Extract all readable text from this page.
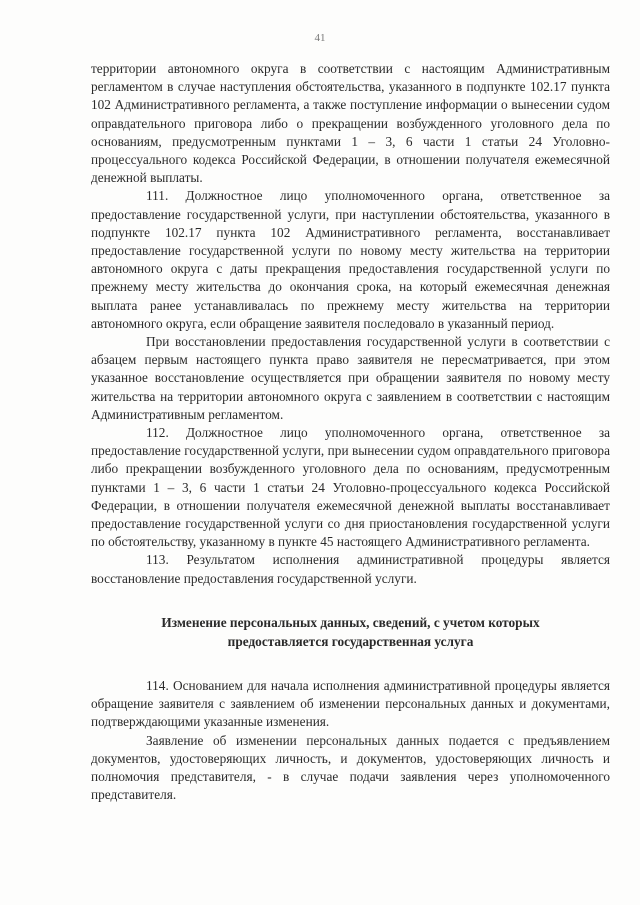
41

территории автономного округа в соответствии с настоящим Административным регламентом в случае наступления обстоятельства, указанного в подпункте 102.17 пункта 102 Административного регламента, а также поступление информации о вынесении судом оправдательного приговора либо о прекращении возбужденного уголовного дела по основаниям, предусмотренным пунктами 1 – 3, 6 части 1 статьи 24 Уголовно-процессуального кодекса Российской Федерации, в отношении получателя ежемесячной денежной выплаты.

111. Должностное лицо уполномоченного органа, ответственное за предоставление государственной услуги, при наступлении обстоятельства, указанного в подпункте 102.17 пункта 102 Административного регламента, восстанавливает предоставление государственной услуги по новому месту жительства на территории автономного округа с даты прекращения предоставления государственной услуги по прежнему месту жительства до окончания срока, на который ежемесячная денежная выплата ранее устанавливалась по прежнему месту жительства на территории автономного округа, если обращение заявителя последовало в указанный период.

При восстановлении предоставления государственной услуги в соответствии с абзацем первым настоящего пункта право заявителя не пересматривается, при этом указанное восстановление осуществляется при обращении заявителя по новому месту жительства на территории автономного округа с заявлением в соответствии с настоящим Административным регламентом.

112. Должностное лицо уполномоченного органа, ответственное за предоставление государственной услуги, при вынесении судом оправдательного приговора либо прекращении возбужденного уголовного дела по основаниям, предусмотренным пунктами 1 – 3, 6 части 1 статьи 24 Уголовно-процессуального кодекса Российской Федерации, в отношении получателя ежемесячной денежной выплаты восстанавливает предоставление государственной услуги со дня приостановления государственной услуги по обстоятельству, указанному в пункте 45 настоящего Административного регламента.

113. Результатом исполнения административной процедуры является восстановление предоставления государственной услуги.

Изменение персональных данных, сведений, с учетом которых
предоставляется государственная услуга

114. Основанием для начала исполнения административной процедуры является обращение заявителя с заявлением об изменении персональных данных и документами, подтверждающими указанные изменения.

Заявление об изменении персональных данных подается с предъявлением документов, удостоверяющих личность, и документов, удостоверяющих личность и полномочия представителя, - в случае подачи заявления через уполномоченного представителя.
